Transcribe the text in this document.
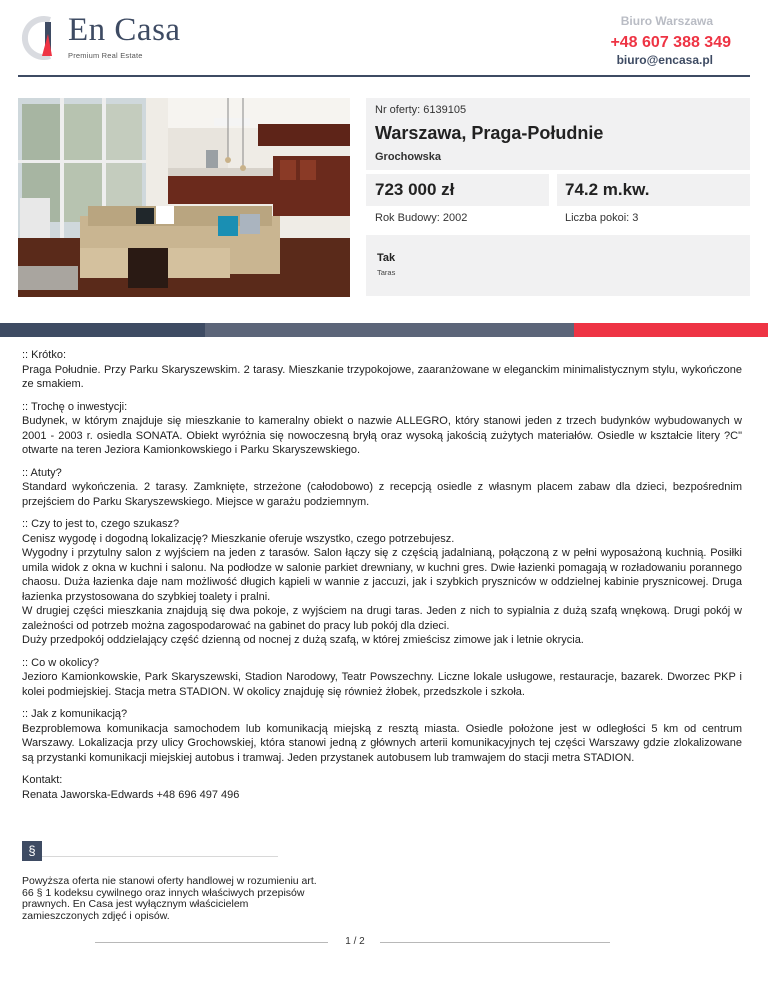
En Casa
Premium Real Estate
Biuro Warszawa
+48 607 388 349
biuro@encasa.pl
Nr oferty: 6139105
Warszawa, Praga-Południe
Grochowska
723 000 zł	74.2 m.kw.
Rok Budowy: 2002	Liczba pokoi: 3
Tak
Taras

:: Krótko:
Praga Południe. Przy Parku Skaryszewskim. 2 tarasy. Mieszkanie trzypokojowe, zaaranżowane w eleganckim minimalistycznym stylu, wykończone ze smakiem.

:: Trochę o inwestycji:
Budynek, w którym znajduje się mieszkanie to kameralny obiekt o nazwie ALLEGRO, który stanowi jeden z trzech budynków wybudowanych w 2001 - 2003 r. osiedla SONATA. Obiekt wyróżnia się nowoczesną bryłą oraz wysoką jakością zużytych materiałów. Osiedle w kształcie litery ?C" otwarte na teren Jeziora Kamionkowskiego i Parku Skaryszewskiego.

:: Atuty?
Standard wykończenia. 2 tarasy. Zamknięte, strzeżone (całodobowo) z recepcją osiedle z własnym placem zabaw dla dzieci, bezpośrednim przejściem do Parku Skaryszewskiego. Miejsce w garażu podziemnym.

:: Czy to jest to, czego szukasz?
Cenisz wygodę i dogodną lokalizację? Mieszkanie oferuje wszystko, czego potrzebujesz.
Wygodny i przytulny salon z wyjściem na jeden z tarasów. Salon łączy się z częścią jadalnianą, połączoną z w pełni wyposażoną kuchnią. Posiłki umila widok z okna w kuchni i salonu. Na podłodze w salonie parkiet drewniany, w kuchni gres. Dwie łazienki pomagają w rozładowaniu porannego chaosu. Duża łazienka daje nam możliwość długich kąpieli w wannie z jaccuzi, jak i szybkich pryszniców w oddzielnej kabinie prysznicowej. Druga łazienka przystosowana do szybkiej toalety i pralni.
W drugiej części mieszkania znajdują się dwa pokoje, z wyjściem na drugi taras. Jeden z nich to sypialnia z dużą szafą wnękową. Drugi pokój w zależności od potrzeb można zagospodarować na gabinet do pracy lub pokój dla dzieci.
Duży przedpokój oddzielający część dzienną od nocnej z dużą szafą, w której zmieścisz zimowe jak i letnie okrycia.

:: Co w okolicy?
Jezioro Kamionkowskie, Park Skaryszewski, Stadion Narodowy, Teatr Powszechny. Liczne lokale usługowe, restauracje, bazarek. Dworzec PKP i kolei podmiejskiej. Stacja metra STADION. W okolicy znajduję się również żłobek, przedszkole i szkoła.

:: Jak z komunikacją?
Bezproblemowa komunikacja samochodem lub komunikacją miejską z resztą miasta. Osiedle położone jest w odległości 5 km od centrum Warszawy. Lokalizacja przy ulicy Grochowskiej, która stanowi jedną z głównych arterii komunikacyjnych tej części Warszawy gdzie zlokalizowane są przystanki komunikacji miejskiej autobus i tramwaj. Jeden przystanek autobusem lub tramwajem do stacji metra STADION.

Kontakt:
Renata Jaworska-Edwards +48 696 497 496

§
Powyższa oferta nie stanowi oferty handlowej w rozumieniu art. 66 § 1 kodeksu cywilnego oraz innych właściwych przepisów prawnych. En Casa jest wyłącznym właścicielem zamieszczonych zdjęć i opisów.
1 / 2
